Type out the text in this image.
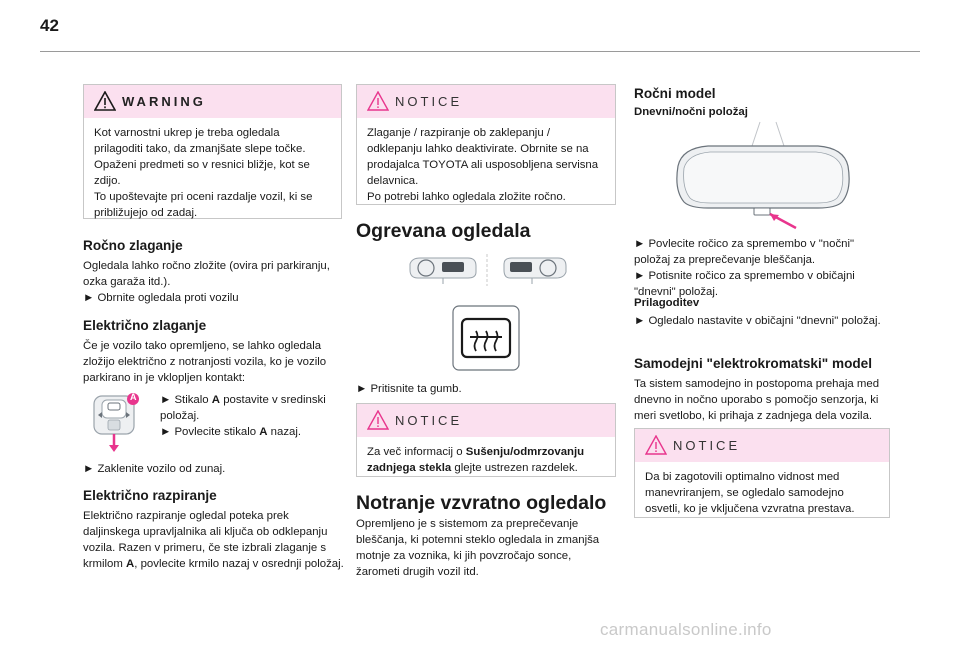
42
WARNING

Kot varnostni ukrep je treba ogledala prilagoditi tako, da zmanjšate slepe točke. Opaženi predmeti so v resnici bližje, kot se zdijo.
To upoštevajte pri oceni razdalje vozil, ki se približujejo od zadaj.

Ročno zlaganje

Ogledala lahko ročno zložite (ovira pri parkiranju, ozka garaža itd.).

► Obrnite ogledala proti vozilu

Električno zlaganje

Če je vozilo tako opremljeno, se lahko ogledala zložijo električno z notranjosti vozila, ko je vozilo parkirano in je vklopljen kontakt:

A ► Stikalo A postavite v sredinski položaj.

► Povlecite stikalo A nazaj.

► Zaklenite vozilo od zunaj.

Električno razpiranje

Električno razpiranje ogledal poteka prek daljinskega upravljalnika ali ključa ob odklepanju vozila. Razen v primeru, če ste izbrali zlaganje s krmilom A, povlecite krmilo nazaj v osrednji položaj.

NOTICE

Zlaganje / razpiranje ob zaklepanju / odklepanju lahko deaktivirate. Obrnite se na prodajalca TOYOTA ali usposobljena servisna delavnica.
Po potrebi lahko ogledala zložite ročno.

Ogrevana ogledala

► Pritisnite ta gumb.

NOTICE

Za več informacij o Sušenju/odmrzovanju zadnjega stekla glejte ustrezen razdelek.

Notranje vzvratno ogledalo

Opremljeno je s sistemom za preprečevanje bleščanja, ki potemni steklo ogledala in zmanjša motnje za voznika, ki jih povzročajo sonce, žarometi drugih vozil itd.

Ročni model
Dnevni/nočni položaj

► Povlecite ročico za spremembo v "nočni" položaj za preprečevanje bleščanja.

► Potisnite ročico za spremembo v običajni "dnevni" položaj.

Prilagoditev

► Ogledalo nastavite v običajni "dnevni" položaj.

Samodejni "elektrokromatski" model

Ta sistem samodejno in postopoma prehaja med dnevno in nočno uporabo s pomočjo senzorja, ki meri svetlobo, ki prihaja z zadnjega dela vozila.

NOTICE

Da bi zagotovili optimalno vidnost med manevriranjem, se ogledalo samodejno osvetli, ko je vključena vzvratna prestava.

carmanualsonline.info
